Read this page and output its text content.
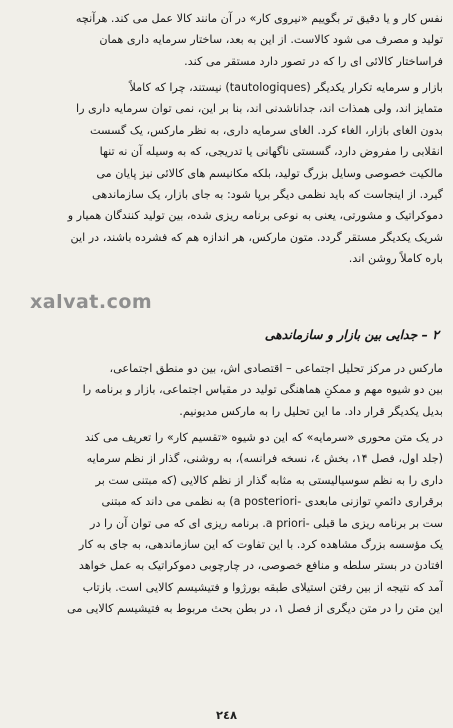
نفس کار و یا دقیق تر بگوییم «نیروی کار» در آن مانند کالا عمل می کند. هرآنچه
تولید و مصرف می شود کالاست. از این به بعد، ساختار سرمایه داری همان
فراساختار کالائی ای را که در تصور دارد مستقر می کند.
بازار و سرمایه تکرار یکدیگر (tautologiques) نیستند، چرا که کاملاً
متمایز اند، ولی همذات اند، جداناشدنی اند، بنا بر این، نمی توان سرمایه داری را
بدون الغای بازار، الغاء کرد. الغای سرمایه داری، به نظر مارکس، یک گسست
انقلابی را مفروض دارد، گسستی ناگهانی یا تدریجی، که به وسیله آن نه تنها
مالکیت خصوصی وسایل بزرگ تولید، بلکه مکانیسم های کالائی نیز پایان می
گیرد. از اینجاست که باید نظمی دیگر برپا شود: به جای بازار، یک سازماندهی
دموکراتیک و مشورتی، یعنی به نوعی برنامه ریزی شده، بین تولید کنندگان همیار و
شریک یکدیگر مستقر گردد. متون مارکس، هر اندازه هم که فشرده باشند، در این
باره کاملاً روشن اند.
xalvat.com
۲ – جدایی بین بازار و سازماندهی
مارکس در مرکز تحلیل اجتماعی – اقتصادی اش، بین دو منطق اجتماعی،
بین دو شیوه مهم و ممکنِ هماهنگی تولید در مقیاس اجتماعی، بازار و برنامه را
بدیل یکدیگر قرار داد. ما این تحلیل را به مارکس مدیونیم.
در یک متن محوری «سرمایه» که این دو شیوه «تقسیم کار» را تعریف می کند
(جلد اول، فصل ۱۴، بخش ٤، نسخه فرانسه)، به روشنی، گذار از نظم سرمایه
داری را به نظم سوسیالیستی به مثابه گذار از نظم کالایی (که مبتنی ست بر
برقراری دائمیِ توازنی مابعدی -a posteriori) به نظمی می داند که مبتنی
ست بر برنامه ریزی ما قبلی -a priori. برنامه ریزی ای که می توان آن را در
یک مؤسسه بزرگ مشاهده کرد. با این تفاوت که این سازماندهی، به جای به کار
افتادن در بستر سلطه و منافع خصوصی، در چارچوبی دموکراتیک به عمل خواهد
آمد که نتیجه از بین رفتن استیلای طبقه بورژوا و فتیشیسم کالایی است. بازتاب
این متن را در متن دیگری از فصل ۱، در بطن بحث مربوط به فتیشیسم کالایی می
۲٤۸
